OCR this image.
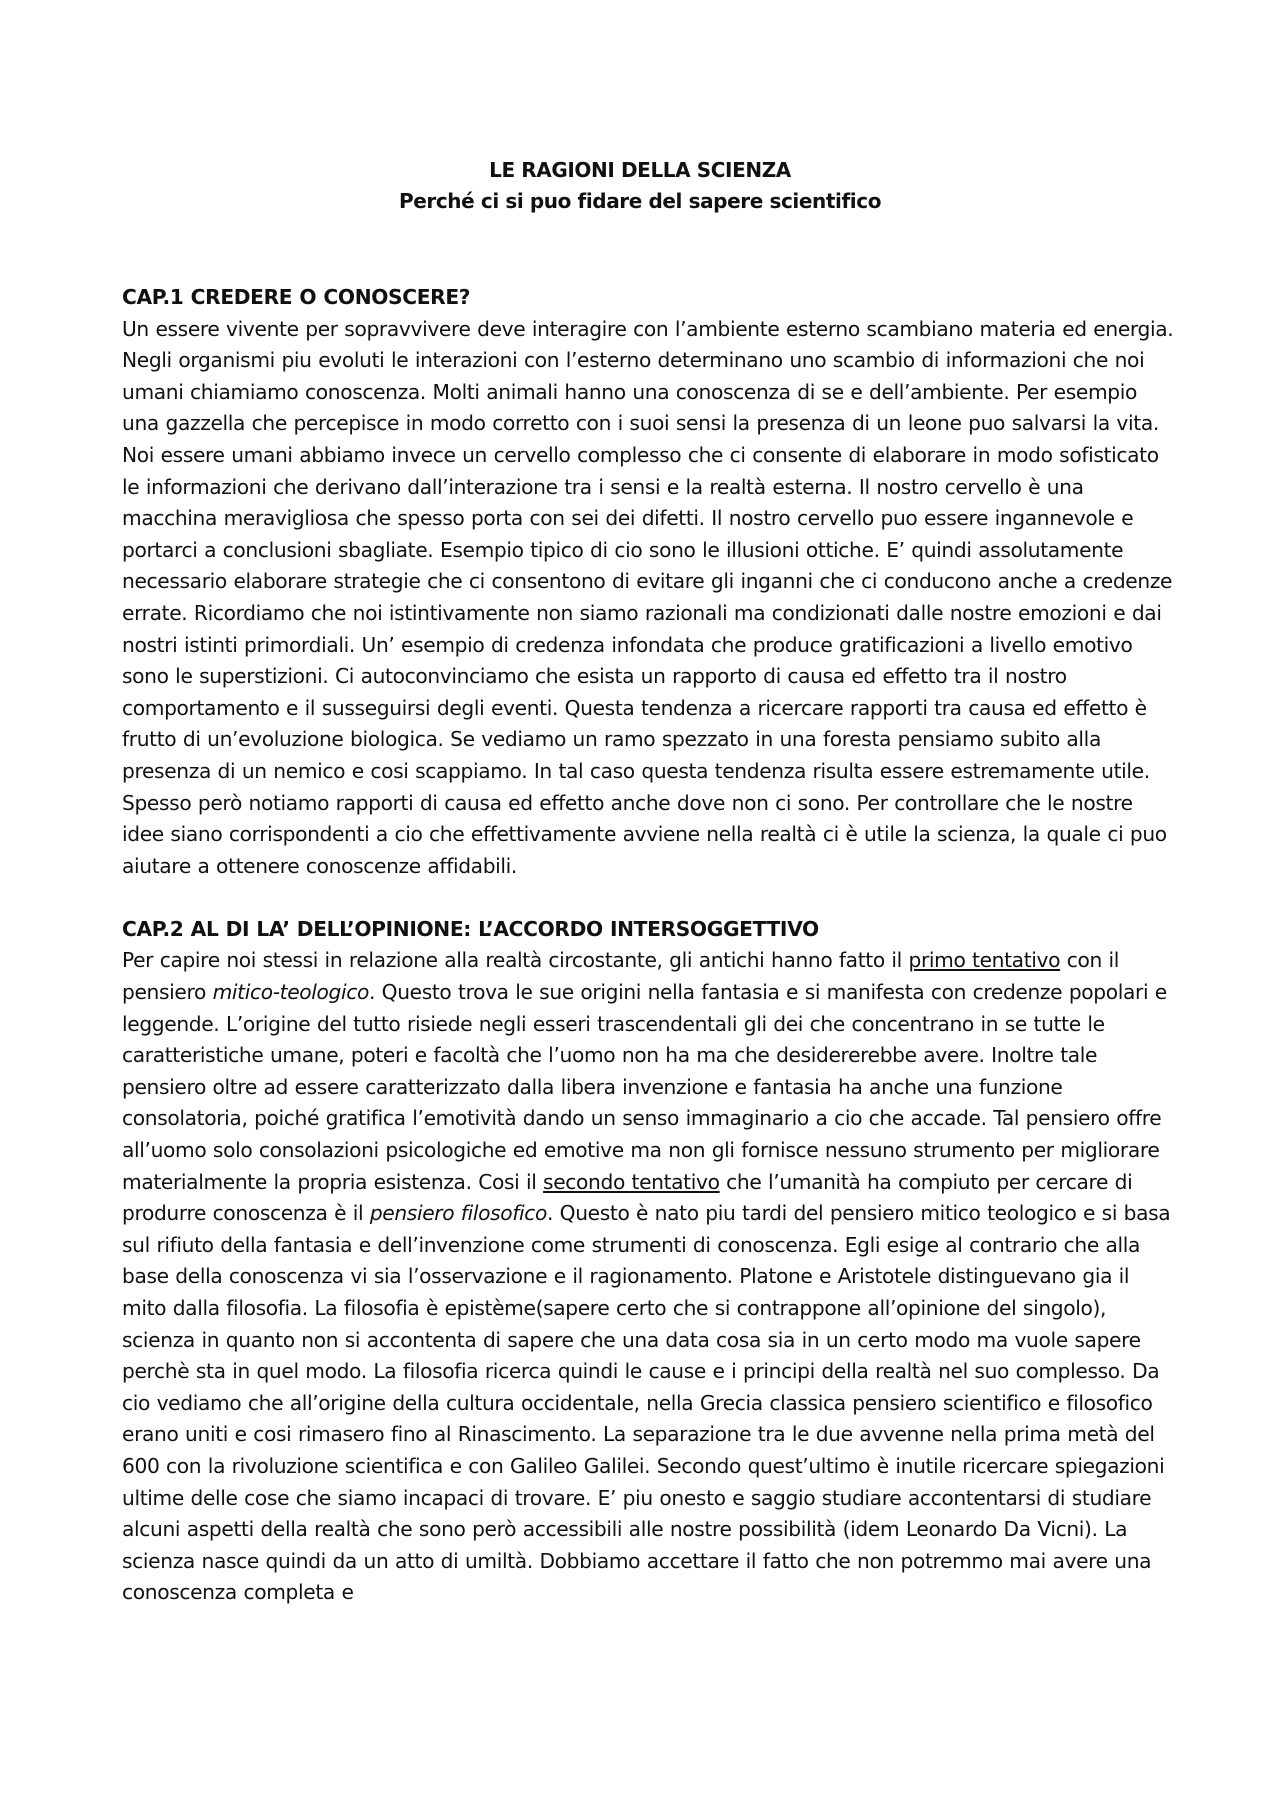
LE RAGIONI DELLA SCIENZA
Perché ci si puo fidare del sapere scientifico

CAP.1 CREDERE O CONOSCERE?

Un essere vivente per sopravvivere deve interagire con l’ambiente esterno scambiano materia ed energia. Negli organismi piu evoluti le interazioni con l’esterno determinano uno scambio di informazioni che noi umani chiamiamo conoscenza. Molti animali hanno una conoscenza di se e dell’ambiente. Per esempio una gazzella che percepisce in modo corretto con i suoi sensi la presenza di un leone puo salvarsi la vita. Noi essere umani abbiamo invece un cervello complesso che ci consente di elaborare in modo sofisticato le informazioni che derivano dall’interazione tra i sensi e la realtà esterna. Il nostro cervello è una macchina meravigliosa che spesso porta con sei dei difetti. Il nostro cervello puo essere ingannevole e portarci a conclusioni sbagliate. Esempio tipico di cio sono le illusioni ottiche. E’ quindi assolutamente necessario elaborare strategie che ci consentono di evitare gli inganni che ci conducono anche a credenze errate. Ricordiamo che noi istintivamente non siamo razionali ma condizionati dalle nostre emozioni e dai nostri istinti primordiali. Un’ esempio di credenza infondata che produce gratificazioni a livello emotivo sono le superstizioni. Ci autoconvinciamo che esista un rapporto di causa ed effetto tra il nostro comportamento e il susseguirsi degli eventi. Questa tendenza a ricercare rapporti tra causa ed effetto è frutto di un’evoluzione biologica. Se vediamo un ramo spezzato in una foresta pensiamo subito alla presenza di un nemico e cosi scappiamo. In tal caso questa tendenza risulta essere estremamente utile. Spesso però notiamo rapporti di causa ed effetto anche dove non ci sono. Per controllare che le nostre idee siano corrispondenti a cio che effettivamente avviene nella realtà ci è utile la scienza, la quale ci puo aiutare a ottenere conoscenze affidabili.

CAP.2 AL DI LA’ DELL’OPINIONE: L’ACCORDO INTERSOGGETTIVO

Per capire noi stessi in relazione alla realtà circostante, gli antichi hanno fatto il primo tentativo con il pensiero mitico-teologico. Questo trova le sue origini nella fantasia e si manifesta con credenze popolari e leggende. L’origine del tutto risiede negli esseri trascendentali gli dei che concentrano in se tutte le caratteristiche umane, poteri e facoltà che l’uomo non ha ma che desidererebbe avere. Inoltre tale pensiero oltre ad essere caratterizzato dalla libera invenzione e fantasia ha anche una funzione consolatoria, poiché gratifica l’emotività dando un senso immaginario a cio che accade. Tal pensiero offre all’uomo solo consolazioni psicologiche ed emotive ma non gli fornisce nessuno strumento per migliorare materialmente la propria esistenza. Cosi il secondo tentativo che l’umanità ha compiuto per cercare di produrre conoscenza è il pensiero filosofico. Questo è nato piu tardi del pensiero mitico teologico e si basa sul rifiuto della fantasia e dell’invenzione come strumenti di conoscenza. Egli esige al contrario che alla base della conoscenza vi sia l’osservazione e il ragionamento. Platone e Aristotele distinguevano gia il mito dalla filosofia. La filosofia è epistème(sapere certo che si contrappone all’opinione del singolo), scienza in quanto non si accontenta di sapere che una data cosa sia in un certo modo ma vuole sapere perchè sta in quel modo. La filosofia ricerca quindi le cause e i principi della realtà nel suo complesso. Da cio vediamo che all’origine della cultura occidentale, nella Grecia classica pensiero scientifico e filosofico erano uniti e cosi rimasero fino al Rinascimento. La separazione tra le due avvenne nella prima metà del 600 con la rivoluzione scientifica e con Galileo Galilei. Secondo quest’ultimo è inutile ricercare spiegazioni ultime delle cose che siamo incapaci di trovare. E’ piu onesto e saggio studiare accontentarsi di studiare alcuni aspetti della realtà che sono però accessibili alle nostre possibilità (idem Leonardo Da Vicni). La scienza nasce quindi da un atto di umiltà. Dobbiamo accettare il fatto che non potremmo mai avere una conoscenza completa e
